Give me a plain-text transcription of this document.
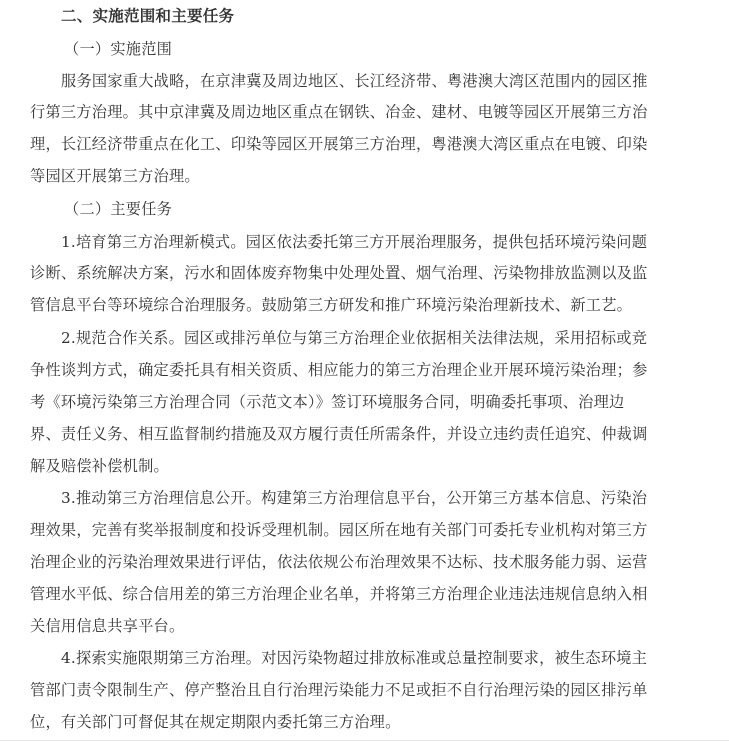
二、实施范围和主要任务
（一）实施范围
服务国家重大战略，在京津冀及周边地区、长江经济带、粤港澳大湾区范围内的园区推
行第三方治理。其中京津冀及周边地区重点在钢铁、冶金、建材、电镀等园区开展第三方治
理，长江经济带重点在化工、印染等园区开展第三方治理，粤港澳大湾区重点在电镀、印染
等园区开展第三方治理。
（二）主要任务
1.培育第三方治理新模式。园区依法委托第三方开展治理服务，提供包括环境污染问题
诊断、系统解决方案，污水和固体废弃物集中处理处置、烟气治理、污染物排放监测以及监
管信息平台等环境综合治理服务。鼓励第三方研发和推广环境污染治理新技术、新工艺。
2.规范合作关系。园区或排污单位与第三方治理企业依据相关法律法规，采用招标或竞
争性谈判方式，确定委托具有相关资质、相应能力的第三方治理企业开展环境污染治理；参
考《环境污染第三方治理合同（示范文本）》签订环境服务合同，明确委托事项、治理边
界、责任义务、相互监督制约措施及双方履行责任所需条件，并设立违约责任追究、仲裁调
解及赔偿补偿机制。
3.推动第三方治理信息公开。构建第三方治理信息平台，公开第三方基本信息、污染治
理效果，完善有奖举报制度和投诉受理机制。园区所在地有关部门可委托专业机构对第三方
治理企业的污染治理效果进行评估，依法依规公布治理效果不达标、技术服务能力弱、运营
管理水平低、综合信用差的第三方治理企业名单，并将第三方治理企业违法违规信息纳入相
关信用信息共享平台。
4.探索实施限期第三方治理。对因污染物超过排放标准或总量控制要求，被生态环境主
管部门责令限制生产、停产整治且自行治理污染能力不足或拒不自行治理污染的园区排污单
位，有关部门可督促其在规定期限内委托第三方治理。
